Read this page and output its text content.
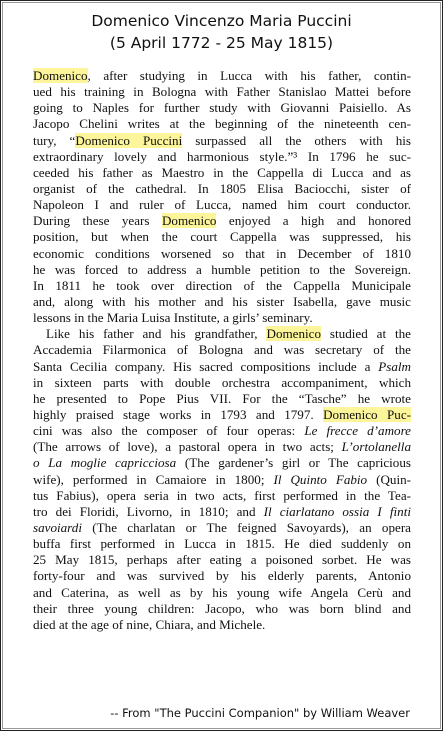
Domenico Vincenzo Maria Puccini
(5 April 1772 - 25 May 1815)
Domenico, after studying in Lucca with his father, contin-
ued his training in Bologna with Father Stanislao Mattei before
going to Naples for further study with Giovanni Paisiello. As
Jacopo Chelini writes at the beginning of the nineteenth cen-
tury, “Domenico Puccini surpassed all the others with his
extraordinary lovely and harmonious style.”³ In 1796 he suc-
ceeded his father as Maestro in the Cappella di Lucca and as
organist of the cathedral. In 1805 Elisa Baciocchi, sister of
Napoleon I and ruler of Lucca, named him court conductor.
During these years Domenico enjoyed a high and honored
position, but when the court Cappella was suppressed, his
economic conditions worsened so that in December of 1810
he was forced to address a humble petition to the Sovereign.
In 1811 he took over direction of the Cappella Municipale
and, along with his mother and his sister Isabella, gave music
lessons in the Maria Luisa Institute, a girls’ seminary.
Like his father and his grandfather, Domenico studied at the
Accademia Filarmonica of Bologna and was secretary of the
Santa Cecilia company. His sacred compositions include a Psalm
in sixteen parts with double orchestra accompaniment, which
he presented to Pope Pius VII. For the “Tasche” he wrote
highly praised stage works in 1793 and 1797. Domenico Puc-
cini was also the composer of four operas: Le frecce d’amore
(The arrows of love), a pastoral opera in two acts; L’ortolanella
o La moglie capricciosa (The gardener’s girl or The capricious
wife), performed in Camaiore in 1800; Il Quinto Fabio (Quin-
tus Fabius), opera seria in two acts, first performed in the Tea-
tro dei Floridi, Livorno, in 1810; and Il ciarlatano ossia I finti
savoiardi (The charlatan or The feigned Savoyards), an opera
buffa first performed in Lucca in 1815. He died suddenly on
25 May 1815, perhaps after eating a poisoned sorbet. He was
forty-four and was survived by his elderly parents, Antonio
and Caterina, as well as by his young wife Angela Cerù and
their three young children: Jacopo, who was born blind and
died at the age of nine, Chiara, and Michele.
-- From "The Puccini Companion" by William Weaver
